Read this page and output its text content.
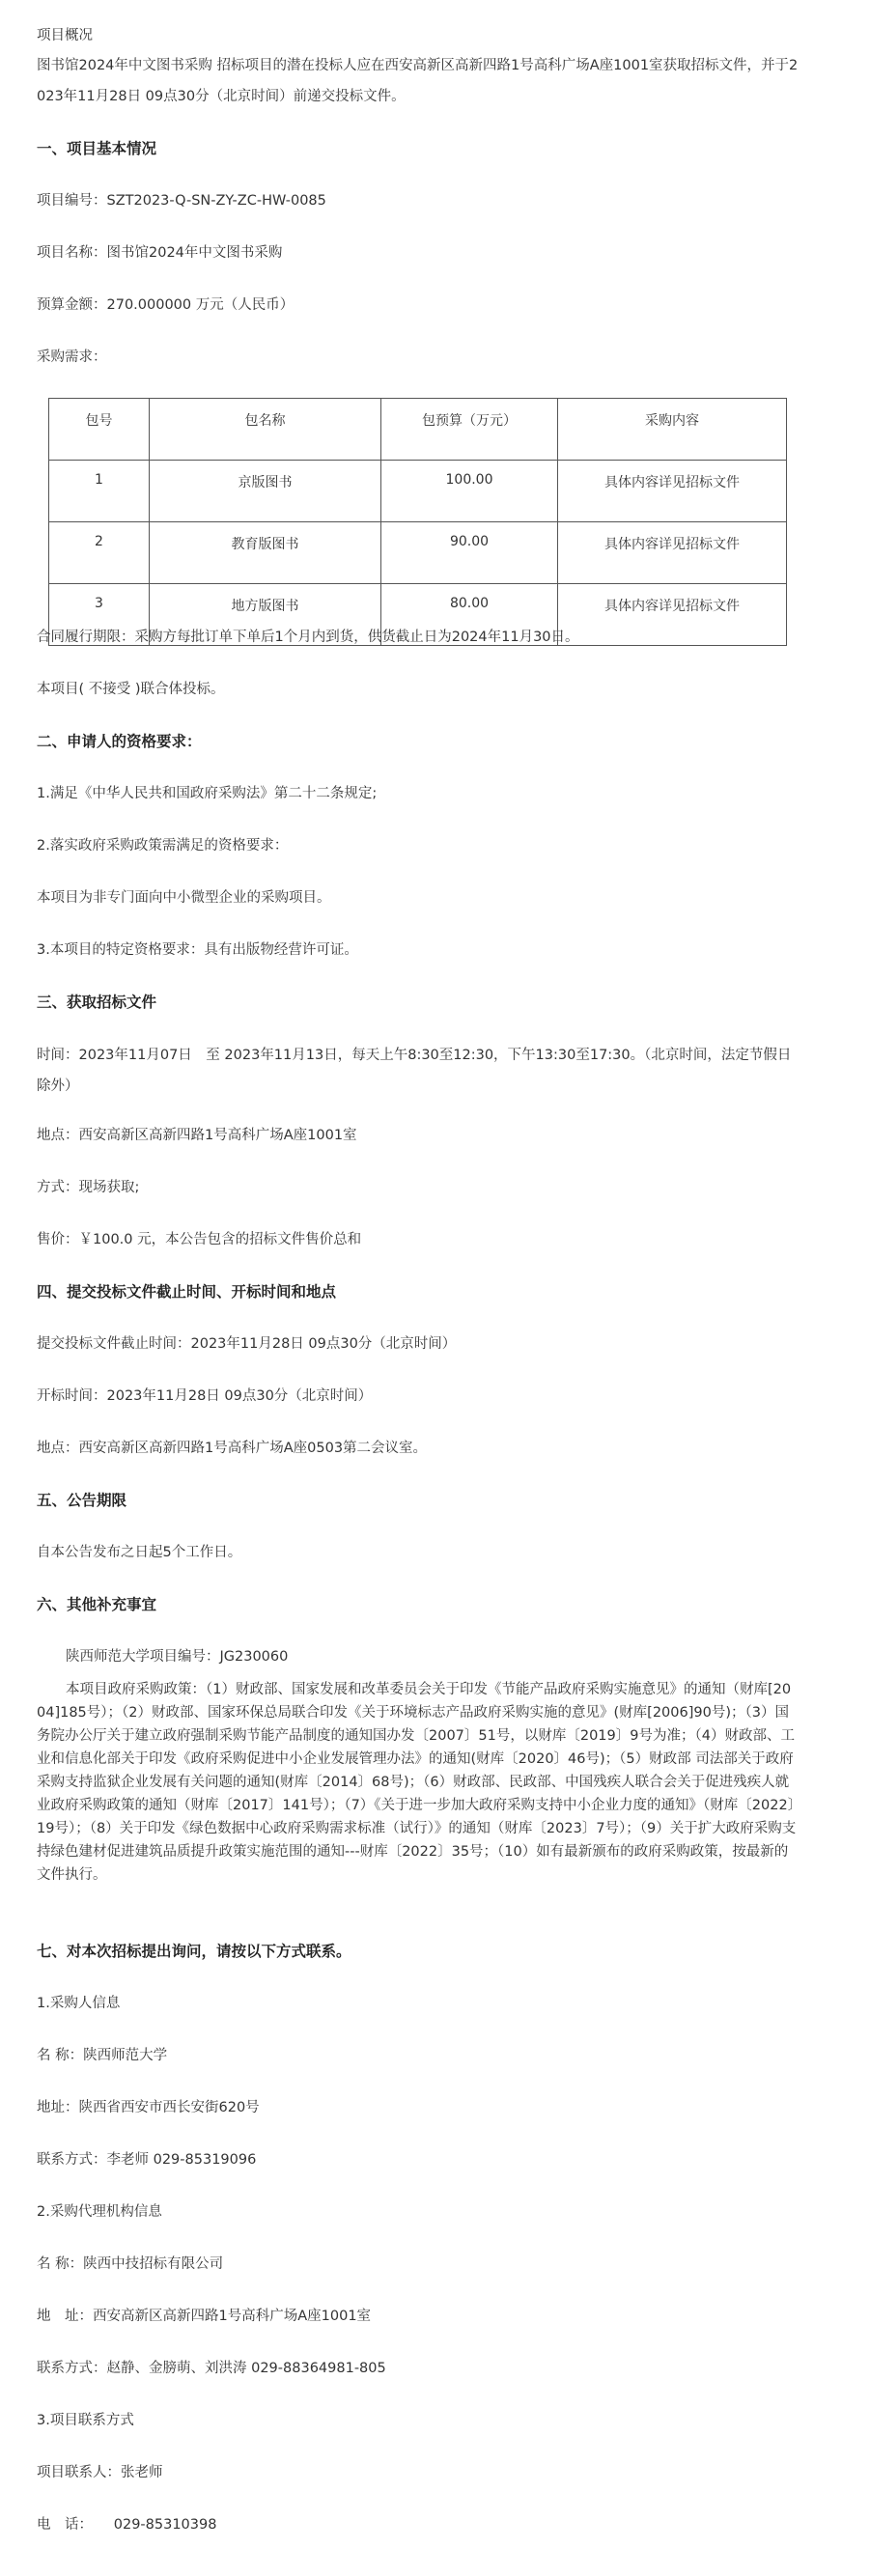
项目概况
图书馆2024年中文图书采购 招标项目的潜在投标人应在西安高新区高新四路1号高科广场A座1001室获取招标文件，并于2023年11月28日 09点30分（北京时间）前递交投标文件。
一、项目基本情况
项目编号：SZT2023-Q-SN-ZY-ZC-HW-0085
项目名称：图书馆2024年中文图书采购
预算金额：270.000000 万元（人民币）
采购需求：
包号	包名称	包预算（万元）	采购内容
1	京版图书	100.00	具体内容详见招标文件
2	教育版图书	90.00	具体内容详见招标文件
3	地方版图书	80.00	具体内容详见招标文件
合同履行期限：采购方每批订单下单后1个月内到货，供货截止日为2024年11月30日。
本项目( 不接受 )联合体投标。
二、申请人的资格要求：
1.满足《中华人民共和国政府采购法》第二十二条规定;
2.落实政府采购政策需满足的资格要求：
本项目为非专门面向中小微型企业的采购项目。
3.本项目的特定资格要求：具有出版物经营许可证。
三、获取招标文件
时间：2023年11月07日　至 2023年11月13日，每天上午8:30至12:30，下午13:30至17:30。（北京时间，法定节假日除外）
地点：西安高新区高新四路1号高科广场A座1001室
方式：现场获取;
售价：￥100.0 元，本公告包含的招标文件售价总和
四、提交投标文件截止时间、开标时间和地点
提交投标文件截止时间：2023年11月28日 09点30分（北京时间）
开标时间：2023年11月28日 09点30分（北京时间）
地点：西安高新区高新四路1号高科广场A座0503第二会议室。
五、公告期限
自本公告发布之日起5个工作日。
六、其他补充事宜
陕西师范大学项目编号：JG230060
本项目政府采购政策：（1）财政部、国家发展和改革委员会关于印发《节能产品政府采购实施意见》的通知（财库[2004]185号）；（2）财政部、国家环保总局联合印发《关于环境标志产品政府采购实施的意见》(财库[2006]90号)；（3）国务院办公厅关于建立政府强制采购节能产品制度的通知国办发〔2007〕51号，以财库〔2019〕9号为准；（4）财政部、工业和信息化部关于印发《政府采购促进中小企业发展管理办法》的通知(财库〔2020〕46号)；（5）财政部 司法部关于政府采购支持监狱企业发展有关问题的通知(财库〔2014〕68号)；（6）财政部、民政部、中国残疾人联合会关于促进残疾人就业政府采购政策的通知（财库〔2017〕141号）；（7）《关于进一步加大政府采购支持中小企业力度的通知》（财库〔2022〕19号）；（8）关于印发《绿色数据中心政府采购需求标准（试行）》的通知（财库〔2023〕7号）；（9）关于扩大政府采购支持绿色建材促进建筑品质提升政策实施范围的通知---财库〔2022〕35号；（10）如有最新颁布的政府采购政策，按最新的文件执行。
七、对本次招标提出询问，请按以下方式联系。
1.采购人信息
名 称：陕西师范大学
地址：陕西省西安市西长安街620号
联系方式：李老师 029-85319096
2.采购代理机构信息
名 称：陕西中技招标有限公司
地　址：西安高新区高新四路1号高科广场A座1001室
联系方式：赵静、金膀萌、刘洪涛 029-88364981-805
3.项目联系方式
项目联系人：张老师
电　话：　　029-85310398
